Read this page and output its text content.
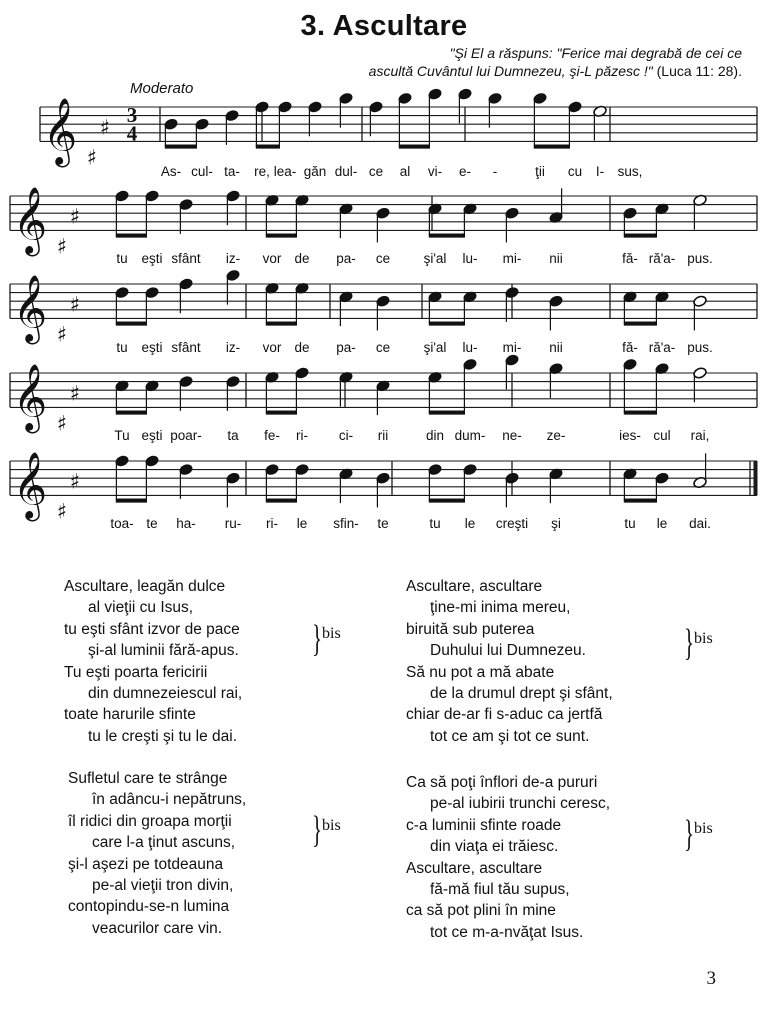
3. Ascultare
"Şi El a răspuns: "Ferice mai degrabă de cei ce
ascultă Cuvântul lui Dumnezeu, şi-L păzesc !" (Luca 11: 28).
Moderato
𝄞 ♯
♯
3
4
𝄞 ♯
♯
𝄞 ♯
♯
𝄞 ♯
♯
𝄞 ♯
♯
As- cul- ta- re, lea- găn dul- ce al vi- e- -	ţii cu I- sus,
tu eşti sfânt iz- vor de pa- ce şi'al lu- mi- nii	fă- ră'a- pus.
tu eşti sfânt iz- vor de pa- ce şi'al lu- mi- nii	fă- ră'a- pus.
Tu eşti poar- ta fe- ri- ci- rii	din dum- ne- ze-	ies- cul rai,
toa- te ha- ru- ri- le sfin- te	tu le creşti şi	tu le dai.
Ascultare, leagăn dulce
al vieţii cu Isus,
tu eşti sfânt izvor de pace
şi-al luminii fără-apus.
Tu eşti poarta fericirii
din dumnezeiescul rai,
toate harurile sfinte
tu le creşti şi tu le dai.
} bis
Ascultare, ascultare
ţine-mi inima mereu,
biruită sub puterea
Duhului lui Dumnezeu.
Să nu pot a mă abate
de la drumul drept şi sfânt,
chiar de-ar fi s-aduc ca jertfă
tot ce am şi tot ce sunt.
} bis
Sufletul care te strânge
în adâncu-i nepătruns,
îl ridici din groapa morţii
care l-a ţinut ascuns,
şi-l aşezi pe totdeauna
pe-al vieţii tron divin,
contopindu-se-n lumina
veacurilor care vin.
} bis
Ca să poţi înflori de-a pururi
pe-al iubirii trunchi ceresc,
c-a luminii sfinte roade
din viaţa ei trăiesc.
Ascultare, ascultare
fă-mă fiul tău supus,
ca să pot plini în mine
tot ce m-a-nvăţat Isus.
} bis
3
